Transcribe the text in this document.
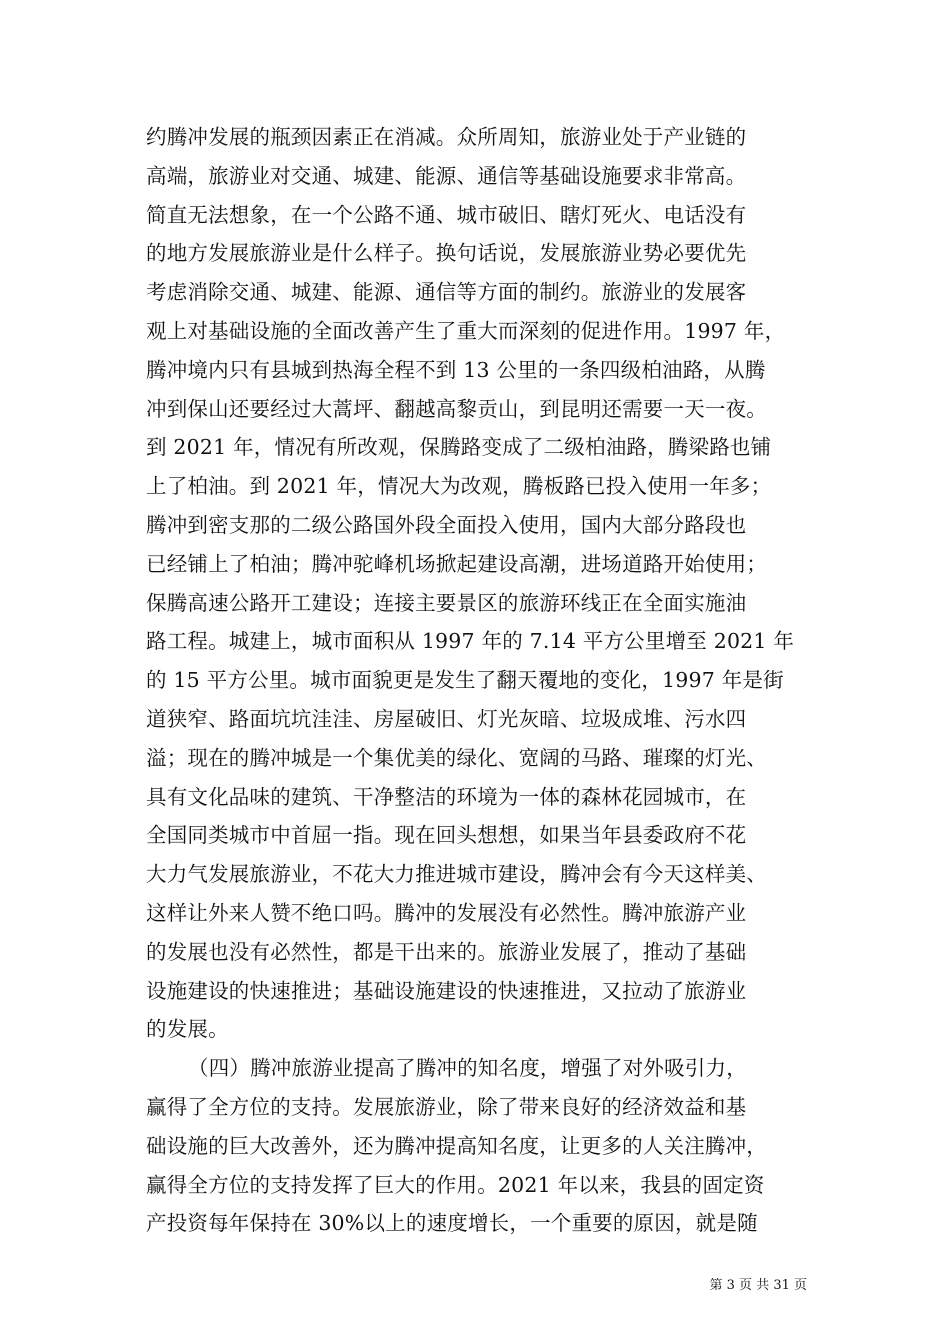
约腾冲发展的瓶颈因素正在消减。众所周知，旅游业处于产业链的
高端，旅游业对交通、城建、能源、通信等基础设施要求非常高。
简直无法想象，在一个公路不通、城市破旧、瞎灯死火、电话没有
的地方发展旅游业是什么样子。换句话说，发展旅游业势必要优先
考虑消除交通、城建、能源、通信等方面的制约。旅游业的发展客
观上对基础设施的全面改善产生了重大而深刻的促进作用。1997 年，
腾冲境内只有县城到热海全程不到 13 公里的一条四级柏油路，从腾
冲到保山还要经过大蒿坪、翻越高黎贡山，到昆明还需要一天一夜。
到 2021 年，情况有所改观，保腾路变成了二级柏油路，腾梁路也铺
上了柏油。到 2021 年，情况大为改观，腾板路已投入使用一年多；
腾冲到密支那的二级公路国外段全面投入使用，国内大部分路段也
已经铺上了柏油；腾冲驼峰机场掀起建设高潮，进场道路开始使用；
保腾高速公路开工建设；连接主要景区的旅游环线正在全面实施油
路工程。城建上，城市面积从 1997 年的 7.14 平方公里增至 2021 年
的 15 平方公里。城市面貌更是发生了翻天覆地的变化，1997 年是街
道狭窄、路面坑坑洼洼、房屋破旧、灯光灰暗、垃圾成堆、污水四
溢；现在的腾冲城是一个集优美的绿化、宽阔的马路、璀璨的灯光、
具有文化品味的建筑、干净整洁的环境为一体的森林花园城市，在
全国同类城市中首屈一指。现在回头想想，如果当年县委政府不花
大力气发展旅游业，不花大力推进城市建设，腾冲会有今天这样美、
这样让外来人赞不绝口吗。腾冲的发展没有必然性。腾冲旅游产业
的发展也没有必然性，都是干出来的。旅游业发展了，推动了基础
设施建设的快速推进；基础设施建设的快速推进，又拉动了旅游业
的发展。
（四）腾冲旅游业提高了腾冲的知名度，增强了对外吸引力，
赢得了全方位的支持。发展旅游业，除了带来良好的经济效益和基
础设施的巨大改善外，还为腾冲提高知名度，让更多的人关注腾冲，
赢得全方位的支持发挥了巨大的作用。2021 年以来，我县的固定资
产投资每年保持在 30%以上的速度增长，一个重要的原因，就是随
第 3 页 共 31 页
